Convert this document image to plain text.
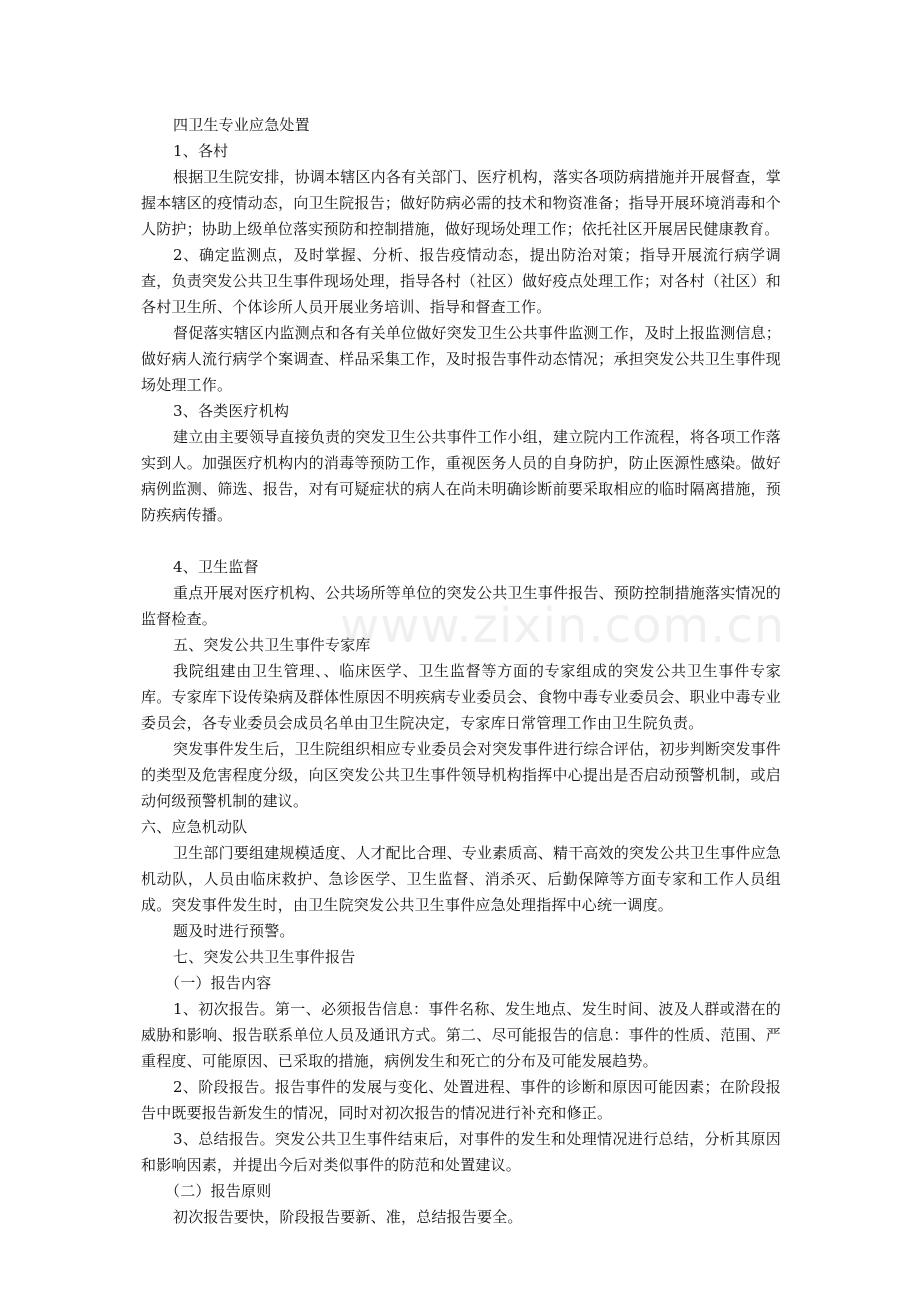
四卫生专业应急处置

1、各村

根据卫生院安排，协调本辖区内各有关部门、医疗机构，落实各项防病措施并开展督查，掌握本辖区的疫情动态，向卫生院报告；做好防病必需的技术和物资准备；指导开展环境消毒和个人防护；协助上级单位落实预防和控制措施，做好现场处理工作；依托社区开展居民健康教育。

2、确定监测点，及时掌握、分析、报告疫情动态，提出防治对策；指导开展流行病学调查，负责突发公共卫生事件现场处理，指导各村（社区）做好疫点处理工作；对各村（社区）和各村卫生所、个体诊所人员开展业务培训、指导和督查工作。

督促落实辖区内监测点和各有关单位做好突发卫生公共事件监测工作，及时上报监测信息；做好病人流行病学个案调查、样品采集工作，及时报告事件动态情况；承担突发公共卫生事件现场处理工作。

3、各类医疗机构

建立由主要领导直接负责的突发卫生公共事件工作小组，建立院内工作流程，将各项工作落实到人。加强医疗机构内的消毒等预防工作，重视医务人员的自身防护，防止医源性感染。做好病例监测、筛选、报告，对有可疑症状的病人在尚未明确诊断前要采取相应的临时隔离措施，预防疾病传播。

4、卫生监督

重点开展对医疗机构、公共场所等单位的突发公共卫生事件报告、预防控制措施落实情况的监督检查。

五、突发公共卫生事件专家库

我院组建由卫生管理、、临床医学、卫生监督等方面的专家组成的突发公共卫生事件专家库。专家库下设传染病及群体性原因不明疾病专业委员会、食物中毒专业委员会、职业中毒专业委员会，各专业委员会成员名单由卫生院决定，专家库日常管理工作由卫生院负责。

突发事件发生后，卫生院组织相应专业委员会对突发事件进行综合评估，初步判断突发事件的类型及危害程度分级，向区突发公共卫生事件领导机构指挥中心提出是否启动预警机制，或启动何级预警机制的建议。

六、应急机动队

卫生部门要组建规模适度、人才配比合理、专业素质高、精干高效的突发公共卫生事件应急机动队，人员由临床救护、急诊医学、卫生监督、消杀灭、后勤保障等方面专家和工作人员组成。突发事件发生时，由卫生院突发公共卫生事件应急处理指挥中心统一调度。

题及时进行预警。

七、突发公共卫生事件报告

（一）报告内容

1、初次报告。第一、必须报告信息：事件名称、发生地点、发生时间、波及人群或潜在的威胁和影响、报告联系单位人员及通讯方式。第二、尽可能报告的信息：事件的性质、范围、严重程度、可能原因、已采取的措施，病例发生和死亡的分布及可能发展趋势。

2、阶段报告。报告事件的发展与变化、处置进程、事件的诊断和原因可能因素；在阶段报告中既要报告新发生的情况，同时对初次报告的情况进行补充和修正。

3、总结报告。突发公共卫生事件结束后，对事件的发生和处理情况进行总结，分析其原因和影响因素，并提出今后对类似事件的防范和处置建议。

（二）报告原则

初次报告要快，阶段报告要新、准，总结报告要全。

www.zixin.com.cn
